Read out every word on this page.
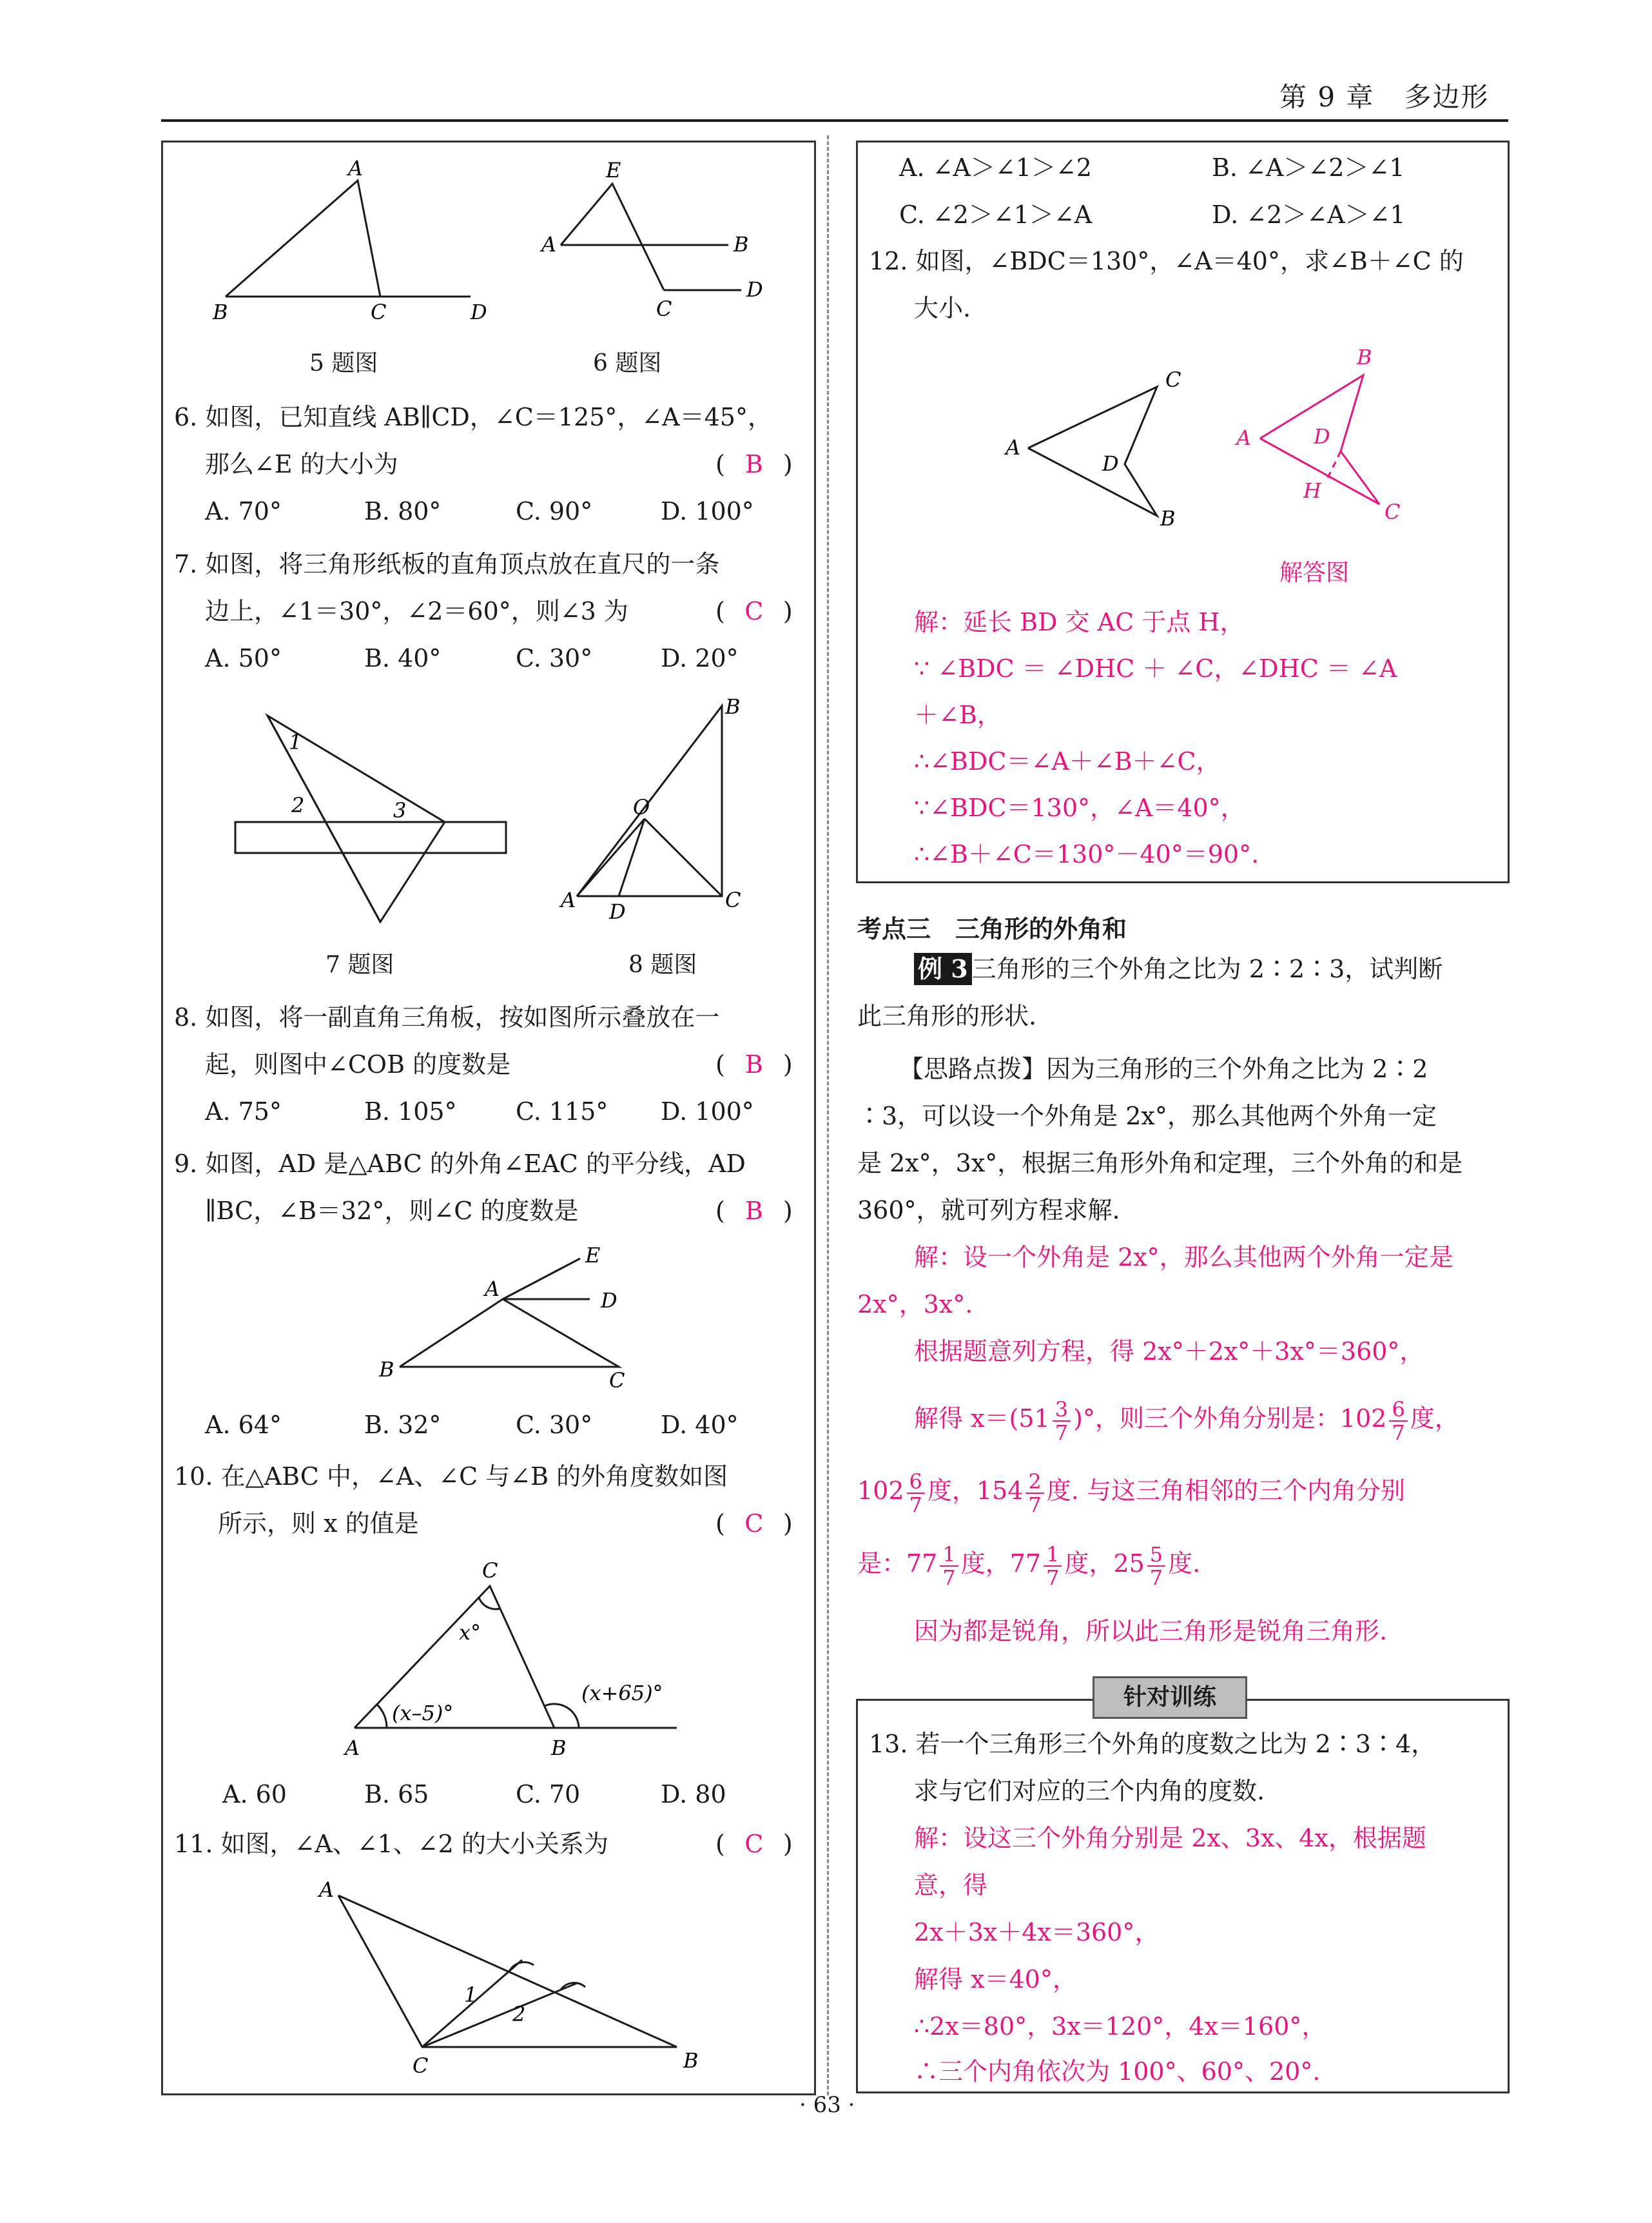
第 9 章 多边形
A
B	C	D
5 题图
E
A	B
C
D
6 题图
6. 如图，已知直线 AB∥CD，∠C＝125°，∠A＝45°，
那么∠E 的大小为	( B )
A. 70°	B. 80°	C. 90°	D. 100°
7. 如图，将三角形纸板的直角顶点放在直尺的一条
边上，∠1＝30°，∠2＝60°，则∠3 为	( C )
A. 50°	B. 40°	C. 30°	D. 20°
1
2	3
7 题图
B
O
A D	C
8 题图
8. 如图，将一副直角三角板，按如图所示叠放在一
起，则图中∠COB 的度数是	( B )
A. 75°	B. 105° C. 115° D. 100°
9. 如图，AD 是△ABC 的外角∠EAC 的平分线，AD
∥BC，∠B＝32°，则∠C 的度数是	( B )
E
A	D
B	C
A. 64°	B. 32°	C. 30°	D. 40°
10. 在△ABC 中，∠A、∠C 与∠B 的外角度数如图
所示，则 x 的值是	( C )
C
x°
(x–5)°
(x+65)°
A	B
A. 60	B. 65	C. 70	D. 80
11. 如图，∠A、∠1、∠2 的大小关系为	( C )
A
1
2
C	B
A. ∠A＞∠1＞∠2	B. ∠A＞∠2＞∠1
C. ∠2＞∠1＞∠A	D. ∠2＞∠A＞∠1
12. 如图，∠BDC＝130°，∠A＝40°，求∠B＋∠C 的
大小.
C
A
D
B
B
A	D
H
C
解答图
解：延长 BD 交 AC 于点 H，
∵ ∠BDC ＝ ∠DHC ＋ ∠C，∠DHC ＝ ∠A
＋∠B，
∴∠BDC＝∠A＋∠B＋∠C，
∵∠BDC＝130°，∠A＝40°，
∴∠B＋∠C＝130°－40°＝90°.
考点三　三角形的外角和
例 3 三角形的三个外角之比为 2∶2∶3，试判断
此三角形的形状.
【思路点拨】因为三角形的三个外角之比为 2∶2
∶3，可以设一个外角是 2x°，那么其他两个外角一定
是 2x°，3x°，根据三角形外角和定理，三个外角的和是
360°，就可列方程求解.
解：设一个外角是 2x°，那么其他两个外角一定是
2x°，3x°.
根据题意列方程，得 2x°＋2x°＋3x°＝360°，
解得 $x=(51 \frac{3}{7}$ )°，则三个外角分别是：$102 \frac{6}{7}$ 度，
$102 \frac{6}{7}$ 度，$154 \frac{2}{7}$ 度. 与这三角相邻的三个内角分别
是：$77 \frac{1}{7}$ 度，$77 \frac{1}{7}$ 度，$25 \frac{5}{7}$ 度.
因为都是锐角，所以此三角形是锐角三角形.
针对训练
13. 若一个三角形三个外角的度数之比为 2∶3∶4，
求与它们对应的三个内角的度数.
解：设这三个外角分别是 2x、3x、4x，根据题
意，得
2x＋3x＋4x＝360°，
解得 x＝40°，
∴2x＝80°，3x＝120°，4x＝160°，
∴三个内角依次为 100°、60°、20°.
· 63 ·
